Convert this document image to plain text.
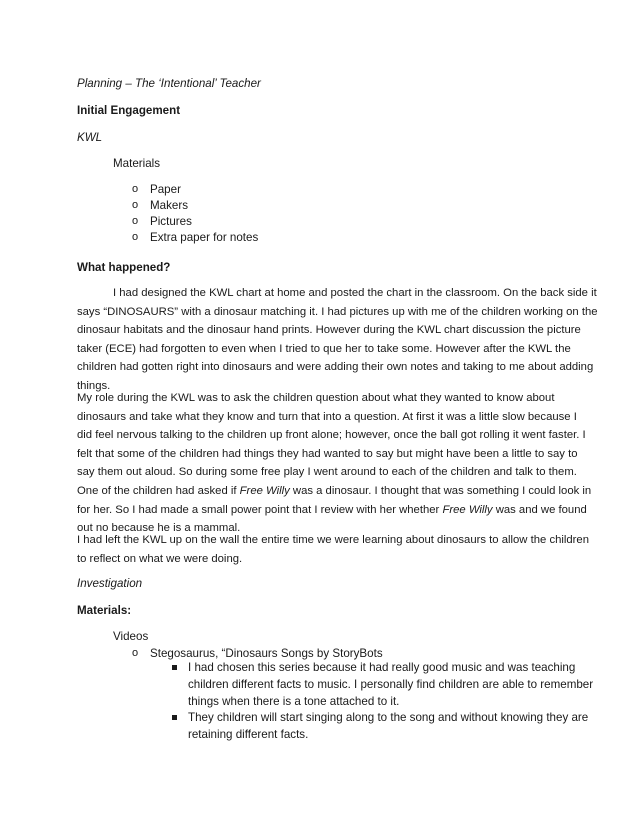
Planning – The ‘Intentional’ Teacher
Initial Engagement
KWL
Materials
o Paper
o Makers
o Pictures
o Extra paper for notes
What happened?
I had designed the KWL chart at home and posted the chart in the classroom. On the back side it
says “DINOSAURS” with a dinosaur matching it. I had pictures up with me of the children working on the
dinosaur habitats and the dinosaur hand prints. However during the KWL chart discussion the picture
taker (ECE) had forgotten to even when I tried to que her to take some. However after the KWL the
children had gotten right into dinosaurs and were adding their own notes and taking to me about adding
things.
My role during the KWL was to ask the children question about what they wanted to know about
dinosaurs and take what they know and turn that into a question. At first it was a little slow because I
did feel nervous talking to the children up front alone; however, once the ball got rolling it went faster. I
felt that some of the children had things they had wanted to say but might have been a little to say to
say them out aloud. So during some free play I went around to each of the children and talk to them.
One of the children had asked if Free Willy was a dinosaur. I thought that was something I could look in
for her. So I had made a small power point that I review with her whether Free Willy was and we found
out no because he is a mammal.
I had left the KWL up on the wall the entire time we were learning about dinosaurs to allow the children
to reflect on what we were doing.
Investigation
Materials:
Videos
o Stegosaurus, “Dinosaurs Songs by StoryBots
I had chosen this series because it had really good music and was teaching
children different facts to music. I personally find children are able to remember
things when there is a tone attached to it.
They children will start singing along to the song and without knowing they are
retaining different facts.
